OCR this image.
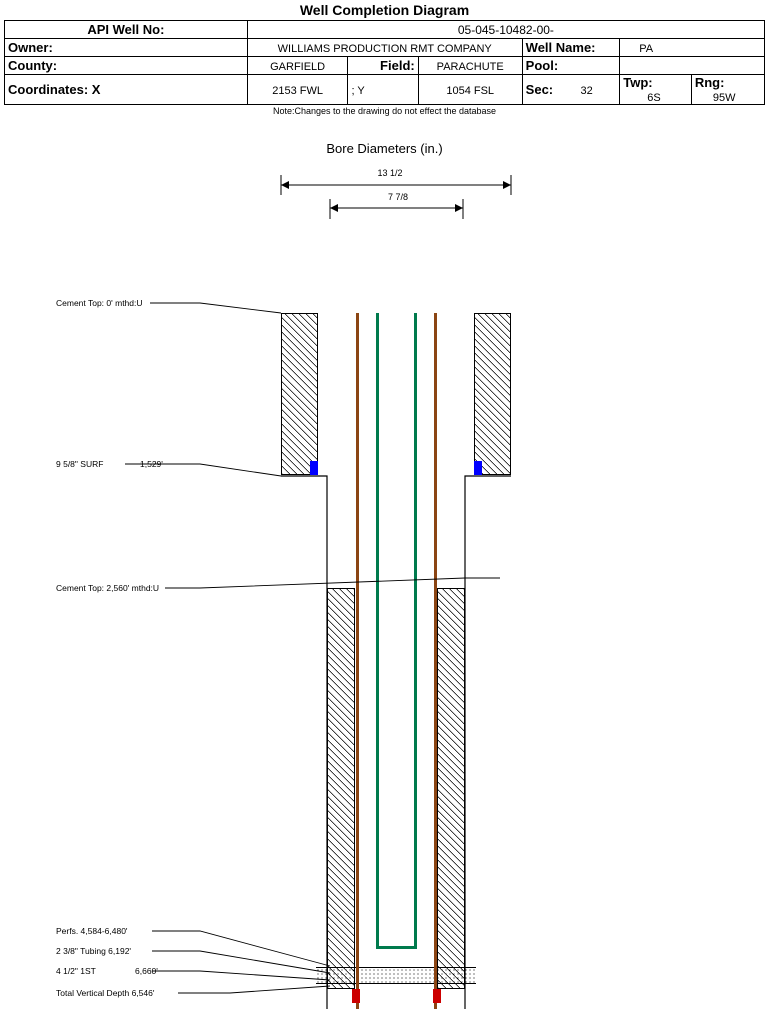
Well Completion Diagram
API Well No:	05-045-10482-00-					
Owner:	WILLIAMS PRODUCTION RMT COMPANY			Well Name:	PA	
County:	GARFIELD	Field:	PARACHUTE	Pool:		
Coordinates: X	2153 FWL	; Y	1054 FSL	Sec: 32	Twp: 6S	Rng: 95W
Note:Changes to the drawing do not effect the database
Bore Diameters (in.)
13 1/2
7 7/8
Cement Top: 0' mthd:U
9 5/8" SURF	1,529'
Cement Top: 2,560' mthd:U
Perfs. 4,584-6,480'
2 3/8" Tubing 6,192'
4 1/2" 1ST	6,660'
Total Vertical Depth 6,546'
